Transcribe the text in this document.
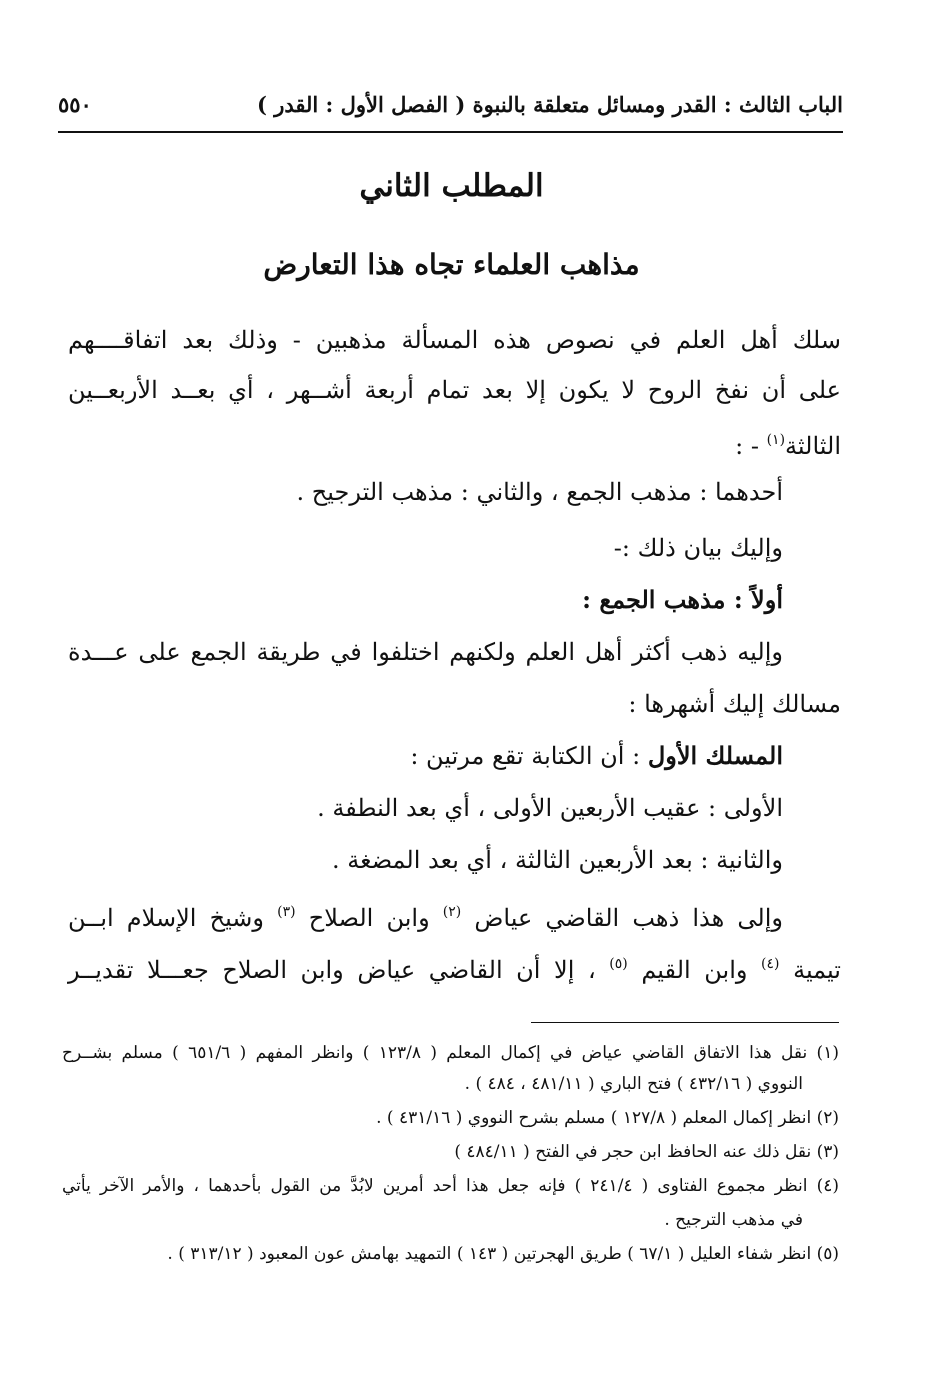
الباب الثالث : القدر ومسائل متعلقة بالنبوة ( الفصل الأول : القدر )
٥٥٠
المطلب الثاني
مذاهب العلماء تجاه هذا التعارض
سلك أهل العلم في نصوص هذه المسألة مذهبين - وذلك بعد اتفاقــــهم
على أن نفخ الروح لا يكون إلا بعد تمام أربعة أشــهر ، أي بعــد الأربعــين
الثالثة$^{(١)}$ - :
أحدهما : مذهب الجمع ، والثاني : مذهب الترجيح .
وإليك بيان ذلك :-
أولاً : مذهب الجمع :
وإليه ذهب أكثر أهل العلم ولكنهم اختلفوا في طريقة الجمع على عـــدة
مسالك إليك أشهرها :
المسلك الأول : أن الكتابة تقع مرتين :
الأولى : عقيب الأربعين الأولى ، أي بعد النطفة .
والثانية : بعد الأربعين الثالثة ، أي بعد المضغة .
وإلى هذا ذهب القاضي عياض $^{(٢)}$ وابن الصلاح $^{(٣)}$ وشيخ الإسلام ابــن
تيمية $^{(٤)}$ وابن القيم $^{(٥)}$ ، إلا أن القاضي عياض وابن الصلاح جعـــلا تقديــر
(١) نقل هذا الاتفاق القاضي عياض في إكمال المعلم ( ١٢٣/٨ ) وانظر المفهم ( ٦٥١/٦ ) مسلم بشــرح
النووي ( ٤٣٢/١٦ ) فتح الباري ( ٤٨١/١١ ، ٤٨٤ ) .
(٢) انظر إكمال المعلم ( ١٢٧/٨ ) مسلم بشرح النووي ( ٤٣١/١٦ ) .
(٣) نقل ذلك عنه الحافظ ابن حجر في الفتح ( ٤٨٤/١١ )
(٤) انظر مجموع الفتاوى ( ٢٤١/٤ ) فإنه جعل هذا أحد أمرين لابُدَّ من القول بأحدهما ، والأمر الآخر يأتي
في مذهب الترجيح .
(٥) انظر شفاء العليل ( ٦٧/١ ) طريق الهجرتين ( ١٤٣ ) التمهيد بهامش عون المعبود ( ٣١٣/١٢ ) .
